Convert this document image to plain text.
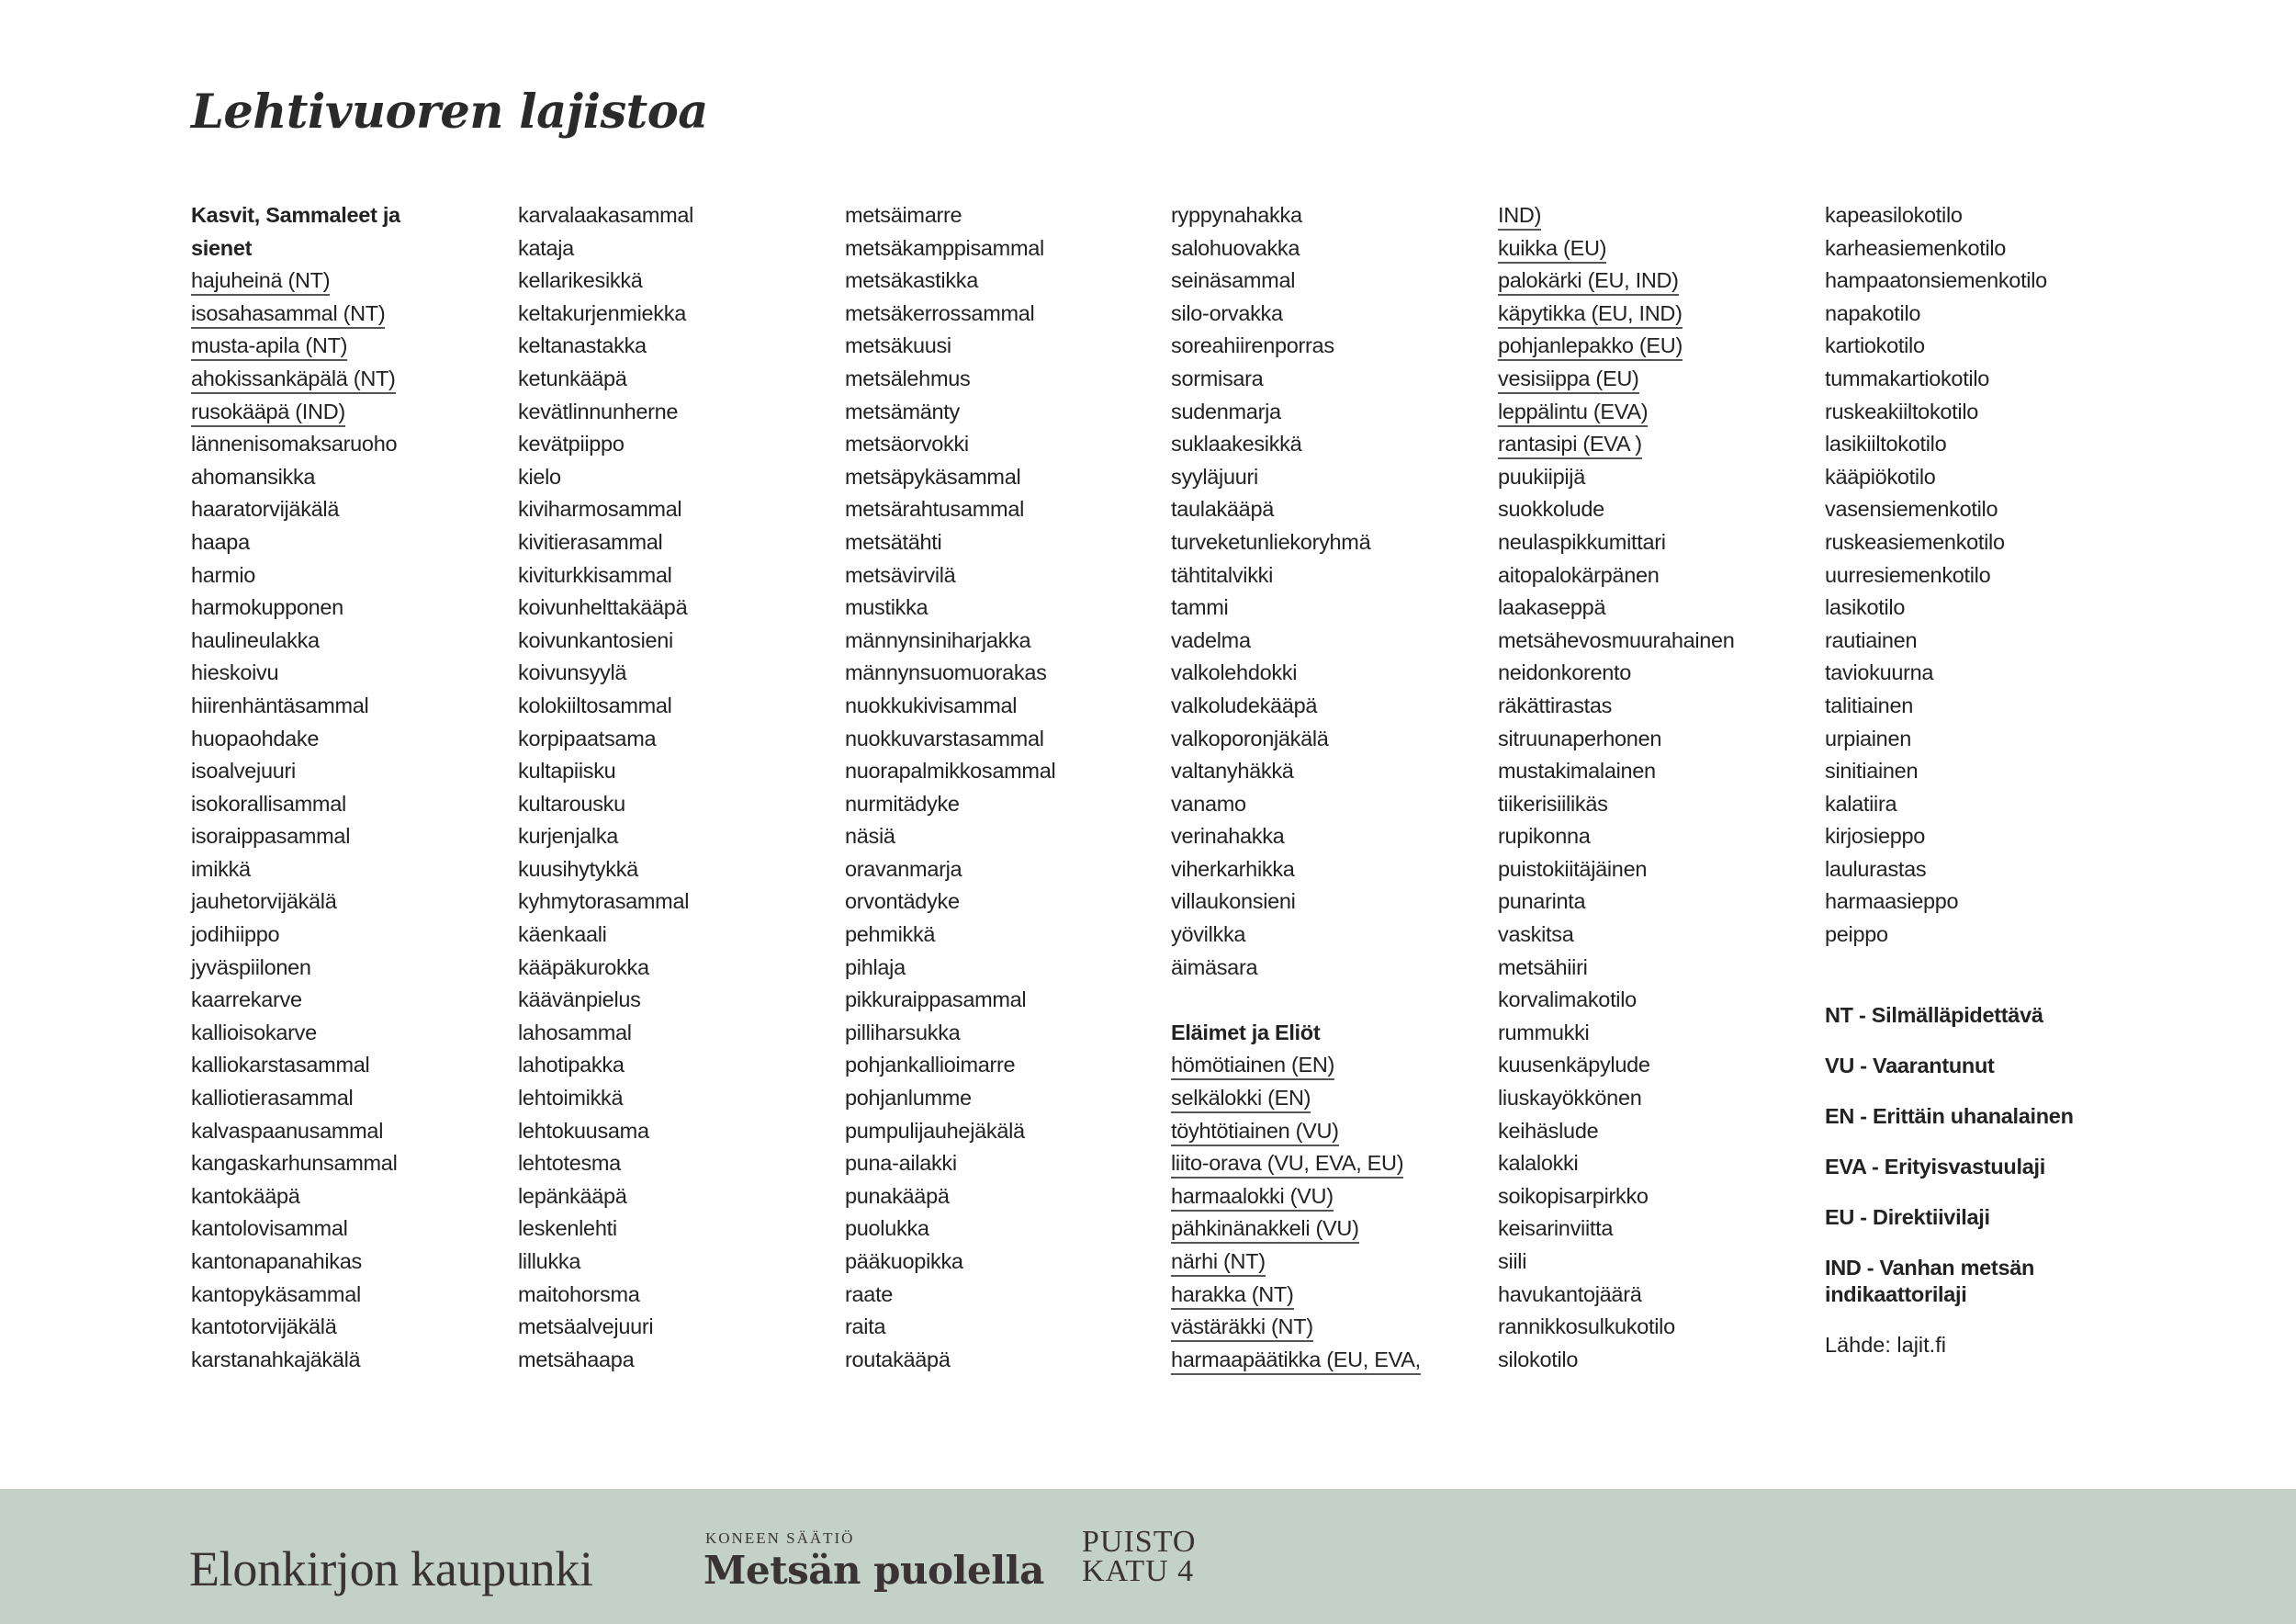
Lehtivuoren lajistoa
Kasvit, Sammaleet ja
sienet
hajuheinä (NT)
isosahasammal (NT)
musta-apila (NT)
ahokissankäpälä (NT)
rusokääpä (IND)
lännenisomaksaruoho
ahomansikka
haaratorvijäkälä
haapa
harmio
harmokupponen
haulineulakka
hieskoivu
hiirenhäntäsammal
huopaohdake
isoalvejuuri
isokorallisammal
isoraippasammal
imikkä
jauhetorvijäkälä
jodihiippo
jyväspiilonen
kaarrekarve
kallioisokarve
kalliokarstasammal
kalliotierasammal
kalvaspaanusammal
kangaskarhunsammal
kantokääpä
kantolovisammal
kantonapanahikas
kantopykäsammal
kantotorvijäkälä
karstanahkajäkälä
karvalaakasammal
kataja
kellarikesikkä
keltakurjenmiekka
keltanastakka
ketunkääpä
kevätlinnunherne
kevätpiippo
kielo
kiviharmosammal
kivitierasammal
kiviturkkisammal
koivunhelttakääpä
koivunkantosieni
koivunsyylä
kolokiiltosammal
korpipaatsama
kultapiisku
kultarousku
kurjenjalka
kuusihytykkä
kyhmytorasammal
käenkaali
kääpäkurokka
käävänpielus
lahosammal
lahotipakka
lehtoimikkä
lehtokuusama
lehtotesma
lepänkääpä
leskenlehti
lillukka
maitohorsma
metsäalvejuuri
metsähaapa
metsäimarre
metsäkamppisammal
metsäkastikka
metsäkerrossammal
metsäkuusi
metsälehmus
metsämänty
metsäorvokki
metsäpykäsammal
metsärahtusammal
metsätähti
metsävirvilä
mustikka
männynsiniharjakka
männynsuomuorakas
nuokkukivisammal
nuokkuvarstasammal
nuorapalmikkosammal
nurmitädyke
näsiä
oravanmarja
orvontädyke
pehmikkä
pihlaja
pikkuraippasammal
pilliharsukka
pohjankallioimarre
pohjanlumme
pumpulijauhejäkälä
puna-ailakki
punakääpä
puolukka
pääkuopikka
raate
raita
routakääpä
ryppynahakka
salohuovakka
seinäsammal
silo-orvakka
soreahiirenporras
sormisara
sudenmarja
suklaakesikkä
syyläjuuri
taulakääpä
turveketunliekoryhmä
tähtitalvikki
tammi
vadelma
valkolehdokki
valkoludekääpä
valkoporonjäkälä
valtanyhäkkä
vanamo
verinahakka
viherkarhikka
villaukonsieni
yövilkka
äimäsara
Eläimet ja Eliöt
hömötiainen (EN)
selkälokki (EN)
töyhtötiainen (VU)
liito-orava (VU, EVA, EU)
harmaalokki (VU)
pähkinänakkeli (VU)
närhi (NT)
harakka (NT)
västäräkki (NT)
harmaapäätikka (EU, EVA,
IND)
kuikka (EU)
palokärki (EU, IND)
käpytikka (EU, IND)
pohjanlepakko (EU)
vesisiippa (EU)
leppälintu (EVA)
rantasipi (EVA )
puukiipijä
suokkolude
neulaspikkumittari
aitopalokärpänen
laakaseppä
metsähevosmuurahainen
neidonkorento
räkättirastas
sitruunaperhonen
mustakimalainen
tiikerisiilikäs
rupikonna
puistokiitäjäinen
punarinta
vaskitsa
metsähiiri
korvalimakotilo
rummukki
kuusenkäpylude
liuskayökkönen
keihäslude
kalalokki
soikopisarpirkko
keisarinviitta
siili
havukantojäärä
rannikkosulkukotilo
silokotilo
kapeasilokotilo
karheasiemenkotilo
hampaatonsiemenkotilo
napakotilo
kartiokotilo
tummakartiokotilo
ruskeakiiltokotilo
lasikiiltokotilo
kääpiökotilo
vasensiemenkotilo
ruskeasiemenkotilo
uurresiemenkotilo
lasikotilo
rautiainen
taviokuurna
talitiainen
urpiainen
sinitiainen
kalatiira
kirjosieppo
laulurastas
harmaasieppo
peippo
NT - Silmälläpidettävä
VU - Vaarantunut
EN - Erittäin uhanalainen
EVA - Erityisvastuulaji
EU - Direktiivilaji
IND - Vanhan metsän indikaattorilaji
Lähde: lajit.fi
Elonkirjon kaupunki
KONEEN SÄÄTIÖ
Metsän puolella
PUISTO
KATU 4
